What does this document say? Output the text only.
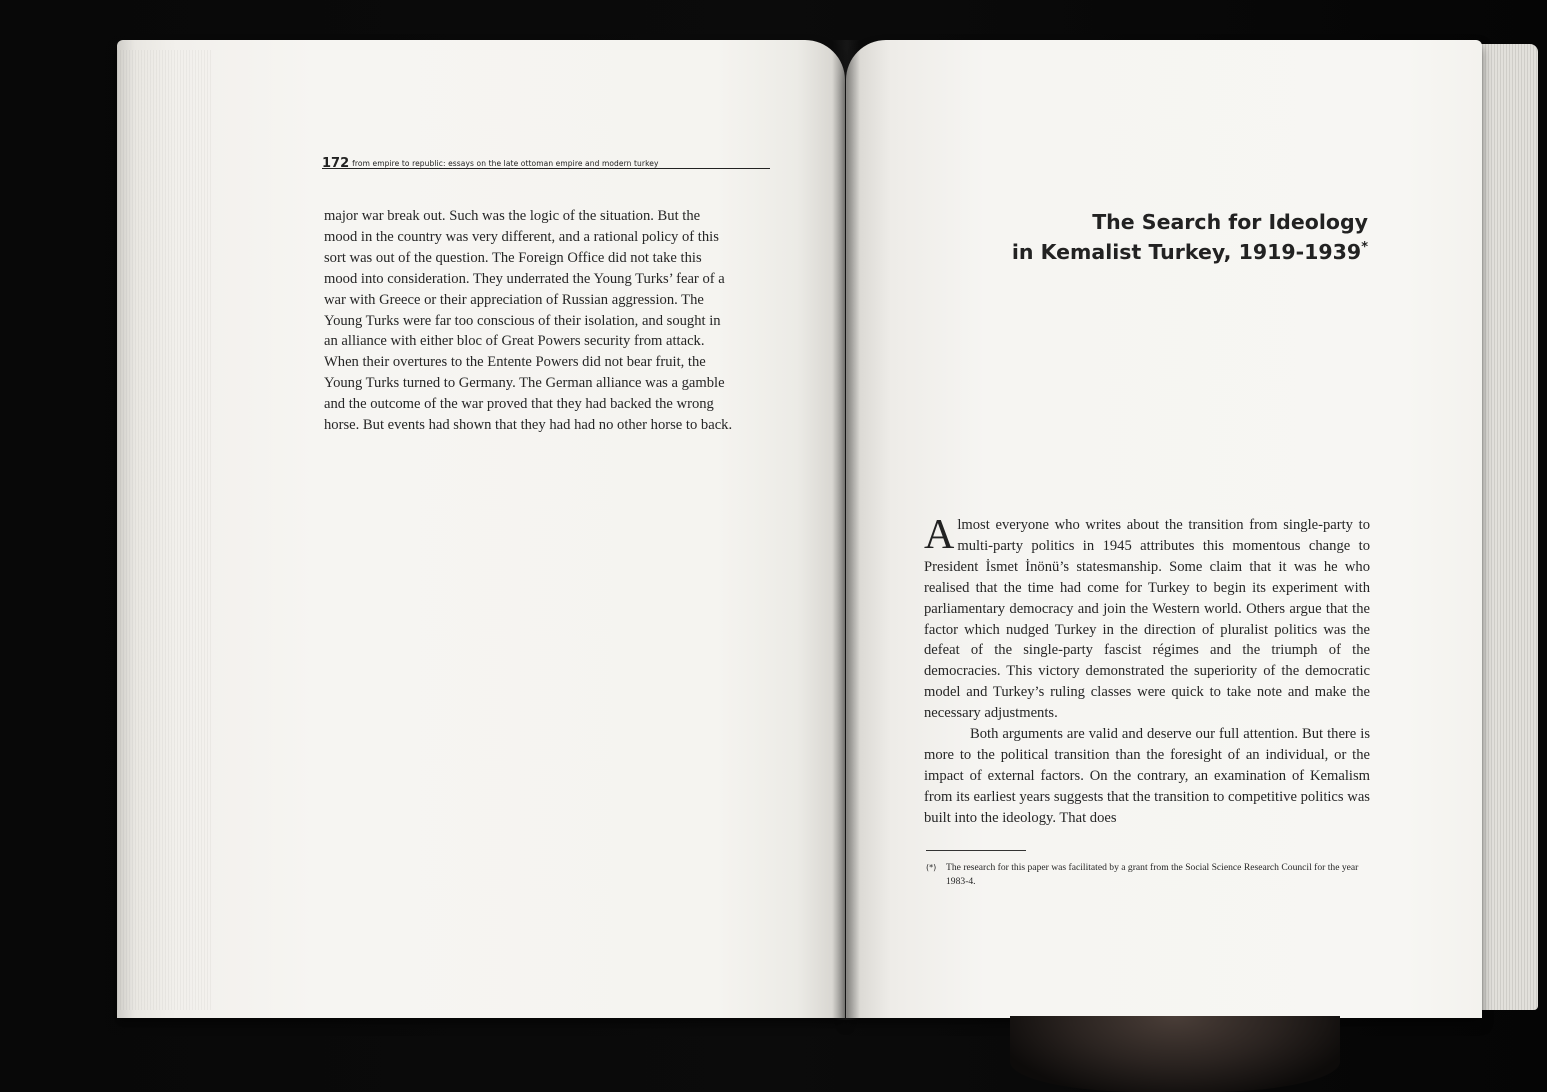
172 from empire to republic: essays on the late ottoman empire and modern turkey
major war break out. Such was the logic of the situation. But the
mood in the country was very different, and a rational policy of this
sort was out of the question. The Foreign Office did not take this
mood into consideration. They underrated the Young Turks’ fear of a
war with Greece or their appreciation of Russian aggression. The
Young Turks were far too conscious of their isolation, and sought in
an alliance with either bloc of Great Powers security from attack.
When their overtures to the Entente Powers did not bear fruit, the
Young Turks turned to Germany. The German alliance was a gamble
and the outcome of the war proved that they had backed the wrong
horse. But events had shown that they had had no other horse to back.
The Search for Ideology
in Kemalist Turkey, 1919-1939*

Almost everyone who writes about the transition from single-party to multi-party politics in 1945 attributes this momentous change to President İsmet İnönü’s statesmanship. Some claim that it was he who realised that the time had come for Turkey to begin its experiment with parliamentary democracy and join the Western world. Others argue that the factor which nudged Turkey in the direction of pluralist politics was the defeat of the single-party fascist régimes and the triumph of the democracies. This victory demonstrated the superiority of the democratic model and Turkey’s ruling classes were quick to take note and make the necessary adjustments.

Both arguments are valid and deserve our full attention. But there is more to the political transition than the foresight of an individual, or the impact of external factors. On the contrary, an examination of Kemalism from its earliest years suggests that the transition to competitive politics was built into the ideology. That does

(*)	The research for this paper was facilitated by a grant from the Social Science Research Council for the year 1983-4.
